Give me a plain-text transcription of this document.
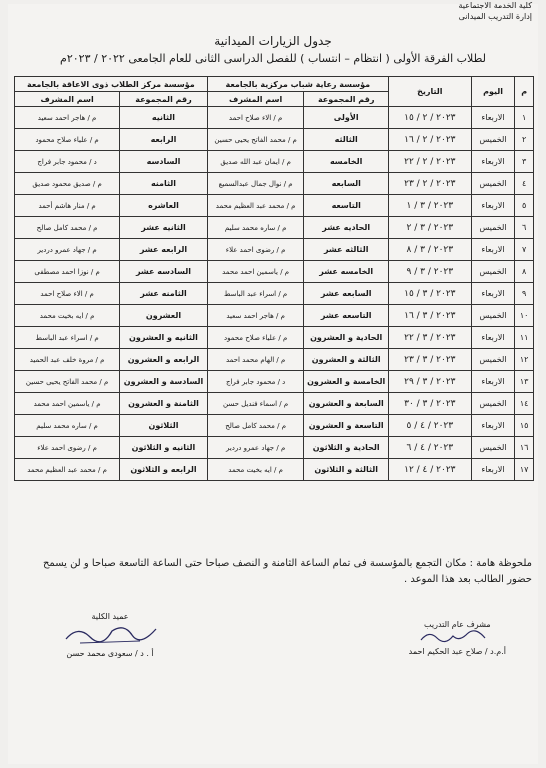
كلية الخدمة الاجتماعية
إدارة التدريب الميدانى
جدول الزيارات الميدانية
لطلاب الفرقة الأولى ( انتظام – انتساب ) للفصل الدراسى الثانى للعام الجامعى ٢٠٢٢ / ٢٠٢٣م
م	اليوم	التاريخ	مؤسسة رعاية شباب مركزية بالجامعة		مؤسسة مركز الطلاب ذوى الاعاقة بالجامعة	
			رقم المجموعة	اسم المشرف	رقم المجموعة	اسم المشرف
١	الاربعاء	٢٠٢٣ / ٢ / ١٥	الأولى	م / الاء صلاح احمد	الثانيه	م / هاجر احمد سعيد
٢	الخميس	٢٠٢٣ / ٢ / ١٦	الثالثه	م / محمد الفاتح يحيى حسين	الرابعه	م / علياء صلاح محمود
٣	الاربعاء	٢٠٢٣ / ٢ / ٢٢	الخامسه	م / ايمان عبد الله صديق	السادسه	د / محمود جابر فراج
٤	الخميس	٢٠٢٣ / ٢ / ٢٣	السابعه	م / نوال جمال عبدالسميع	الثامنه	م / صديق محمود صديق
٥	الاربعاء	٢٠٢٣ / ٣ / ١	التاسعه	م / محمد عبد العظيم محمد	العاشره	م / منار هاشم أحمد
٦	الخميس	٢٠٢٣ / ٣ / ٢	الحاديه عشر	م / ساره محمد سليم	الثانيه عشر	م / محمد كامل صالح
٧	الاربعاء	٢٠٢٣ / ٣ / ٨	الثالثه عشر	م / رضوى احمد علاء	الرابعه عشر	م / جهاد عمرو دردير
٨	الخميس	٢٠٢٣ / ٣ / ٩	الخامسه عشر	م / ياسمين احمد محمد	السادسه عشر	م / نوزا احمد مصطفى
٩	الاربعاء	٢٠٢٣ / ٣ / ١٥	السابعه عشر	م / اسراء عبد الباسط	الثامنه عشر	م / الاء صلاح احمد
١٠	الخميس	٢٠٢٣ / ٣ / ١٦	التاسعه عشر	م / هاجر احمد سعيد	العشرون	م / ايه بخيت محمد
١١	الاربعاء	٢٠٢٣ / ٣ / ٢٢	الحادية و العشرون	م / علياء صلاح محمود	الثانيه و العشرون	م / اسراء عبد الباسط
١٢	الخميس	٢٠٢٣ / ٣ / ٢٣	الثالثة و العشرون	م / الهام محمد احمد	الرابعه و العشرون	م / مروة خلف عبد الحميد
١٣	الاربعاء	٢٠٢٣ / ٣ / ٢٩	الخامسة و العشرون	د / محمود جابر فراج	السادسة و العشرون	م / محمد الفاتح يحيى حسين
١٤	الخميس	٢٠٢٣ / ٣ / ٣٠	السابعة و العشرون	م / اسماء فنديل حسن	الثامنة و العشرون	م / ياسمين احمد محمد
١٥	الاربعاء	٢٠٢٣ / ٤ / ٥	التاسعة و العشرون	م / محمد كامل صالح	الثلاثون	م / ساره محمد سليم
١٦	الخميس	٢٠٢٣ / ٤ / ٦	الحادية و الثلاثون	م / جهاد عمرو دردير	الثانيه و الثلاثون	م / رضوى احمد علاء
١٧	الاربعاء	٢٠٢٣ / ٤ / ١٢	الثالثة و الثلاثون	م / ايه بخيت محمد	الرابعه و الثلاثون	م / محمد عبد العظيم محمد
ملحوظة هامة : مكان التجمع بالمؤسسة فى تمام الساعة الثامنة و النصف صباحا حتى الساعة التاسعة صباحا و لن يسمح حضور الطالب بعد هذا الموعد .
مشرف عام التدريب
أ.م.د / صلاح عبد الحكيم احمد
عميد الكلية
أ . د / سعودى محمد حسن
